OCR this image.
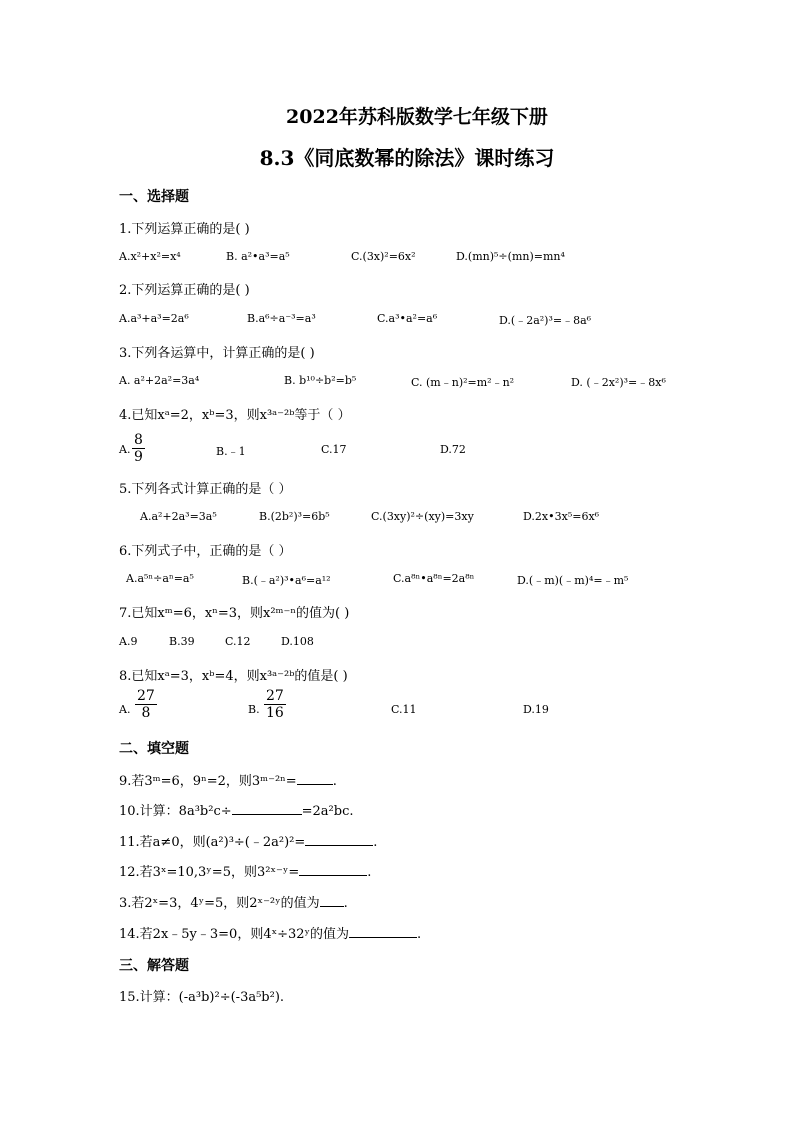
2022年苏科版数学七年级下册
8.3《同底数幂的除法》课时练习
一、选择题
1.下列运算正确的是( )
A.x²+x²=x⁴	B. a²•a³=a⁵	C.(3x)²=6x²	D.(mn)⁵÷(mn)=mn⁴
2.下列运算正确的是( )
A.a³+a³=2a⁶	B.a⁶÷a⁻³=a³	C.a³•a²=a⁶	D.(﹣2a²)³=﹣8a⁶
3.下列各运算中，计算正确的是( )
A. a²+2a²=3a⁴	B. b¹⁰÷b²=b⁵	C. (m﹣n)²=m²﹣n²	D. (﹣2x²)³=﹣8x⁶
4.已知xᵃ=2，xᵇ=3，则x³ᵃ⁻²ᵇ等于（ ）
A. $\frac{8}{9}$	B.﹣1	C.17	D.72
5.下列各式计算正确的是（ ）
A.a²+2a³=3a⁵	B.(2b²)³=6b⁵	C.(3xy)²÷(xy)=3xy	D.2x•3x⁵=6x⁶
6.下列式子中，正确的是（ ）
A.a⁵ⁿ÷aⁿ=a⁵	B.(﹣a²)³•a⁶=a¹²	C.a⁸ⁿ•a⁸ⁿ=2a⁸ⁿ	D.(﹣m)(﹣m)⁴=﹣m⁵
7.已知xᵐ=6，xⁿ=3，则x²ᵐ⁻ⁿ的值为( )
A.9	B.39	C.12	D.108
8.已知xᵃ=3，xᵇ=4，则x³ᵃ⁻²ᵇ的值是( )
A. $\frac{27}{8}$	B. $\frac{27}{16}$	C.11	D.19
二、填空题
9.若3ᵐ=6，9ⁿ=2，则3ᵐ⁻²ⁿ=	.
10.计算：8a³b²c÷	=2a²bc.
11.若a≠0，则(a²)³÷(﹣2a²)²=	.
12.若3ˣ=10,3ʸ=5，则3²ˣ⁻ʸ=	.
3.若2ˣ=3，4ʸ=5，则2ˣ⁻²ʸ的值为 .
14.若2x﹣5y﹣3=0，则4ˣ÷32ʸ的值为	.
三、解答题
15.计算：(-a³b)²÷(-3a⁵b²).
